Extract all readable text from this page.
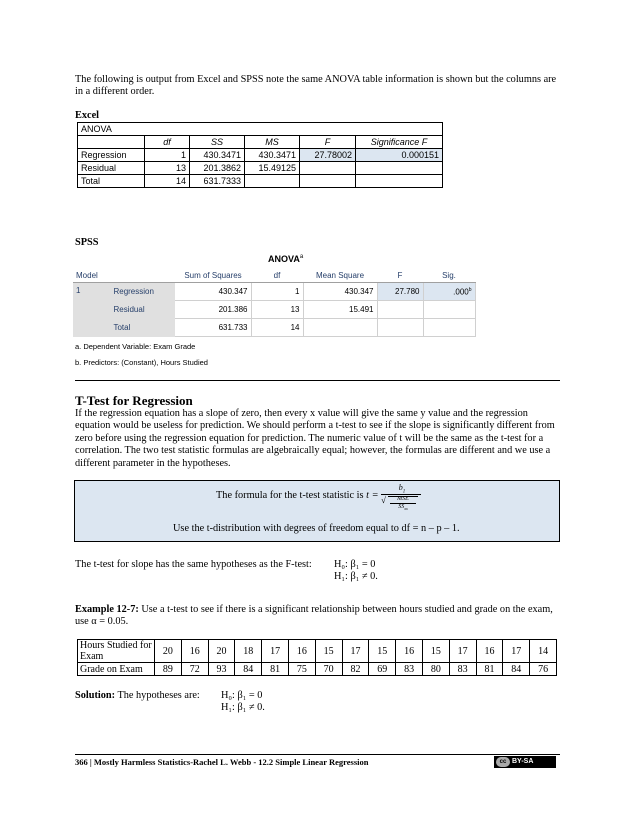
The following is output from Excel and SPSS note the same ANOVA table information is shown but the columns are in a different order.
Excel
ANOVA					
	df	SS	MS	F	Significance F
Regression	1	430.3471	430.3471	27.78002	0.000151
Residual	13	201.3862	15.49125		
Total	14	631.7333			
SPSS
ANOVA$^a$
Model		Sum of Squares	df	Mean Square	F	Sig.
1	Regression	430.347	1	430.347	27.780	.000$^b$
	Residual	201.386	13	15.491		
	Total	631.733	14			
a. Dependent Variable: Exam Grade
b. Predictors: (Constant), Hours Studied
T-Test for Regression
If the regression equation has a slope of zero, then every x value will give the same y value and the regression equation would be useless for prediction. We should perform a t-test to see if the slope is significantly different from zero before using the regression equation for prediction. The numeric value of t will be the same as the t-test for a correlation. The two test statistic formulas are algebraically equal; however, the formulas are different and we use a different parameter in the hypotheses.
The formula for the t-test statistic is t =
$b_1$
√	MSE
$SS_{xx}$
Use the t-distribution with degrees of freedom equal to df = n – p – 1.
The t-test for slope has the same hypotheses as the F-test: H₀: β₁ = 0
H₁: β₁ ≠ 0.
Example 12-7: Use a t-test to see if there is a significant relationship between hours studied and grade on the exam, use α = 0.05.
Hours Studied for Exam	20	16	20	18	17	16	15	17	15	16	15	17	16	17	14
Grade on Exam	89	72	93	84	81	75	70	82	69	83	80	83	81	84	76
Solution: The hypotheses are: H₀: β₁ = 0
H₁: β₁ ≠ 0.
366 | Mostly Harmless Statistics-Rachel L. Webb - 12.2 Simple Linear Regression	cc BY-SA
